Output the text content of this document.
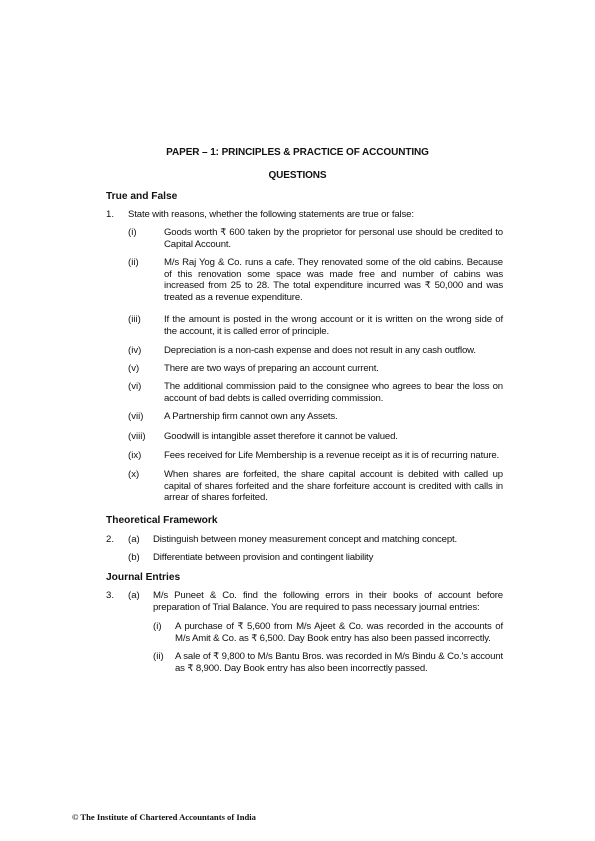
PAPER – 1: PRINCIPLES & PRACTICE OF ACCOUNTING
QUESTIONS
True and False
1. State with reasons, whether the following statements are true or false:
(i)	Goods worth ₹ 600 taken by the proprietor for personal use should be credited to Capital Account.
(ii)	M/s Raj Yog & Co. runs a cafe. They renovated some of the old cabins. Because of this renovation some space was made free and number of cabins was increased from 25 to 28. The total expenditure incurred was ₹ 50,000 and was treated as a revenue expenditure.
(iii) If the amount is posted in the wrong account or it is written on the wrong side of the account, it is called error of principle.
(iv) Depreciation is a non-cash expense and does not result in any cash outflow.
(v)	There are two ways of preparing an account current.
(vi) The additional commission paid to the consignee who agrees to bear the loss on account of bad debts is called overriding commission.
(vii) A Partnership firm cannot own any Assets.
(viii) Goodwill is intangible asset therefore it cannot be valued.
(ix) Fees received for Life Membership is a revenue receipt as it is of recurring nature.
(x)	When shares are forfeited, the share capital account is debited with called up capital of shares forfeited and the share forfeiture account is credited with calls in arrear of shares forfeited.
Theoretical Framework
2. (a) Distinguish between money measurement concept and matching concept.
(b) Differentiate between provision and contingent liability
Journal Entries
3. (a) M/s Puneet & Co. find the following errors in their books of account before preparation of Trial Balance. You are required to pass necessary journal entries:
(i) A purchase of ₹ 5,600 from M/s Ajeet & Co. was recorded in the accounts of M/s Amit & Co. as ₹ 6,500. Day Book entry has also been passed incorrectly.
(ii) A sale of ₹ 9,800 to M/s Bantu Bros. was recorded in M/s Bindu & Co.'s account as ₹ 8,900. Day Book entry has also been incorrectly passed.
© The Institute of Chartered Accountants of India
